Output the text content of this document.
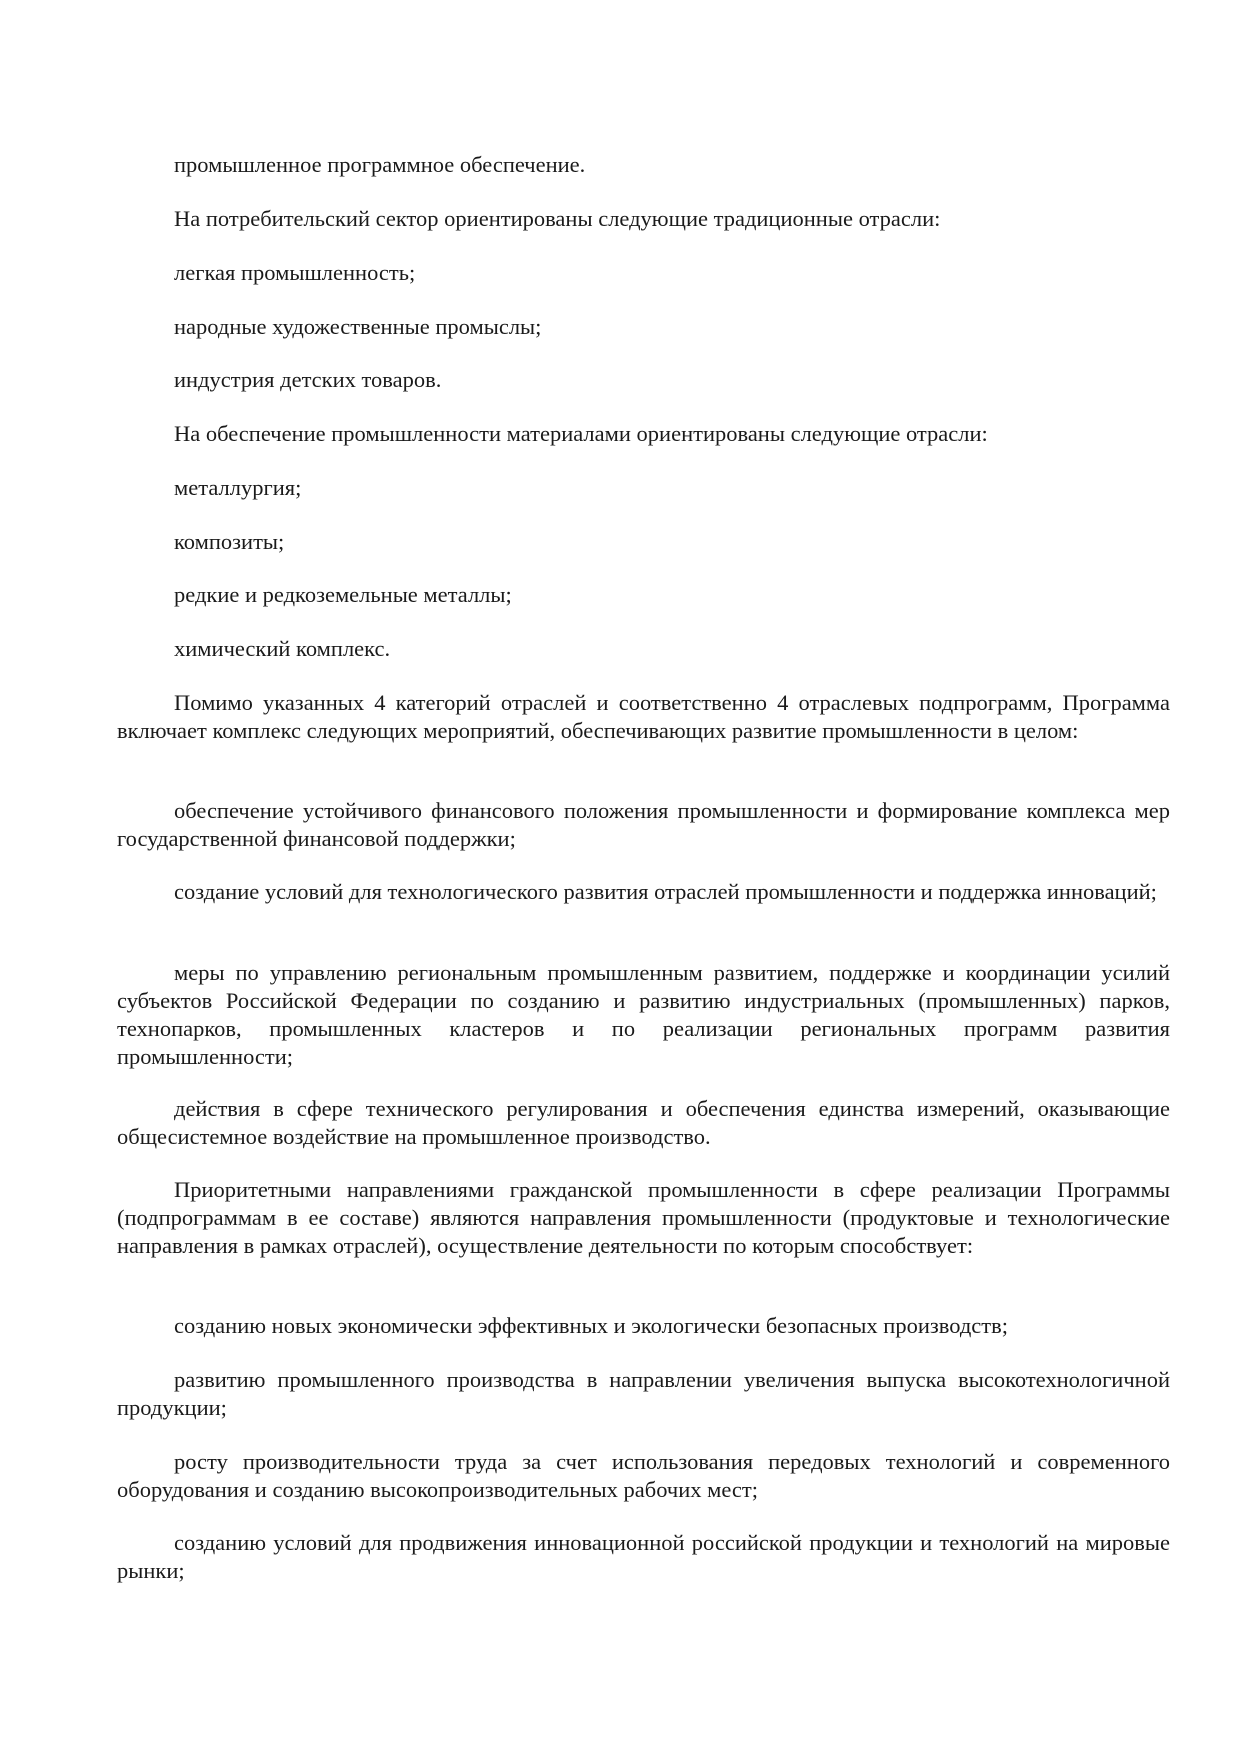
промышленное программное обеспечение.

На потребительский сектор ориентированы следующие традиционные отрасли:

легкая промышленность;

народные художественные промыслы;

индустрия детских товаров.

На обеспечение промышленности материалами ориентированы следующие отрасли:

металлургия;

композиты;

редкие и редкоземельные металлы;

химический комплекс.

Помимо указанных 4 категорий отраслей и соответственно 4 отраслевых подпрограмм, Программа включает комплекс следующих мероприятий, обеспечивающих развитие промышленности в целом:

обеспечение устойчивого финансового положения промышленности и формирование комплекса мер государственной финансовой поддержки;

создание условий для технологического развития отраслей промышленности и поддержка инноваций;

меры по управлению региональным промышленным развитием, поддержке и координации усилий субъектов Российской Федерации по созданию и развитию индустриальных (промышленных) парков, технопарков, промышленных кластеров и по реализации региональных программ развития промышленности;

действия в сфере технического регулирования и обеспечения единства измерений, оказывающие общесистемное воздействие на промышленное производство.

Приоритетными направлениями гражданской промышленности в сфере реализации Программы (подпрограммам в ее составе) являются направления промышленности (продуктовые и технологические направления в рамках отраслей), осуществление деятельности по которым способствует:

созданию новых экономически эффективных и экологически безопасных производств;

развитию промышленного производства в направлении увеличения выпуска высокотехнологичной продукции;

росту производительности труда за счет использования передовых технологий и современного оборудования и созданию высокопроизводительных рабочих мест;

созданию условий для продвижения инновационной российской продукции и технологий на мировые рынки;
